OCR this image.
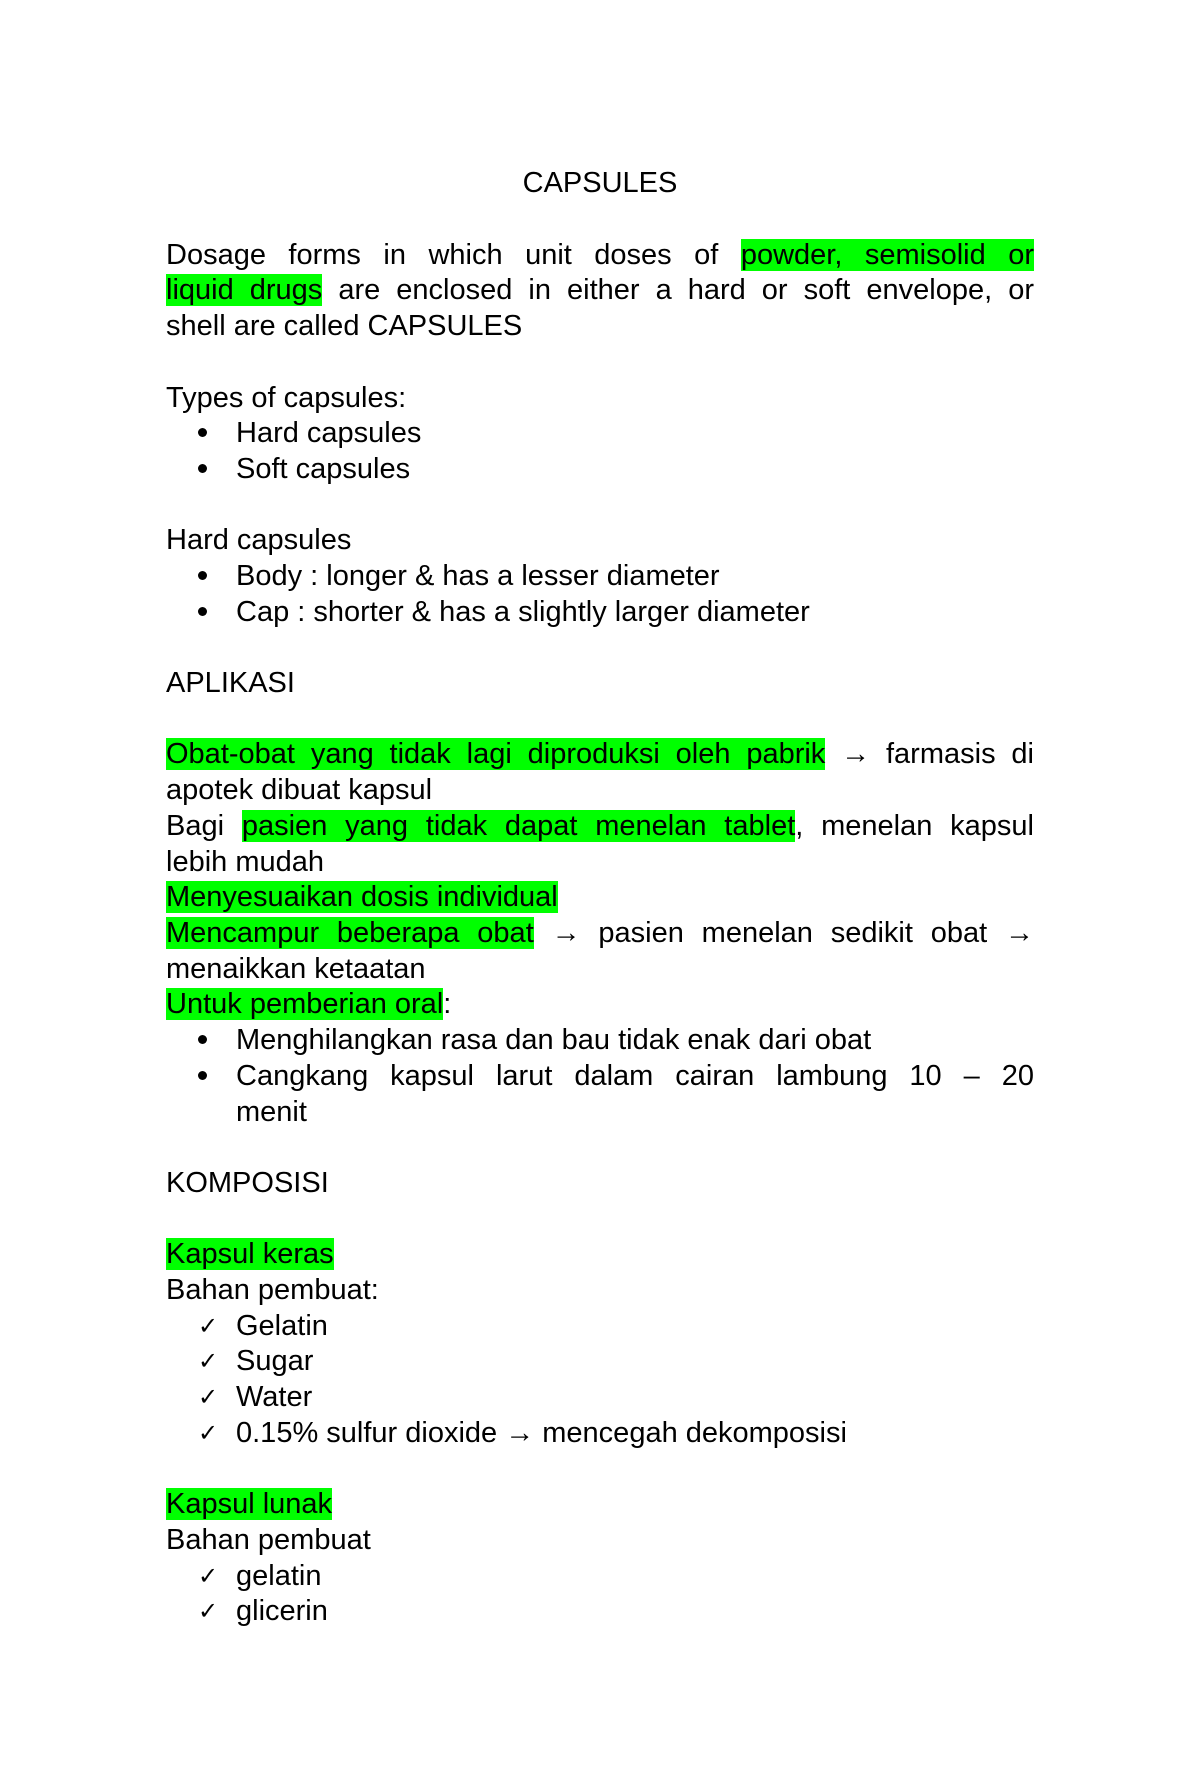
CAPSULES
Dosage forms in which unit doses of powder, semisolid or
liquid drugs are enclosed in either a hard or soft envelope, or
shell are called CAPSULES
Types of capsules:
Hard capsules
Soft capsules
Hard capsules
Body : longer & has a lesser diameter
Cap : shorter & has a slightly larger diameter
APLIKASI
Obat-obat yang tidak lagi diproduksi oleh pabrik → farmasis di
apotek dibuat kapsul
Bagi pasien yang tidak dapat menelan tablet, menelan kapsul
lebih mudah
Menyesuaikan dosis individual
Mencampur beberapa obat → pasien menelan sedikit obat →
menaikkan ketaatan
Untuk pemberian oral:
Menghilangkan rasa dan bau tidak enak dari obat
Cangkang kapsul larut dalam cairan lambung 10 – 20
menit
KOMPOSISI
Kapsul keras
Bahan pembuat:
✓ Gelatin
✓ Sugar
✓ Water
✓ 0.15% sulfur dioxide → mencegah dekomposisi
Kapsul lunak
Bahan pembuat
✓ gelatin
✓ glicerin
